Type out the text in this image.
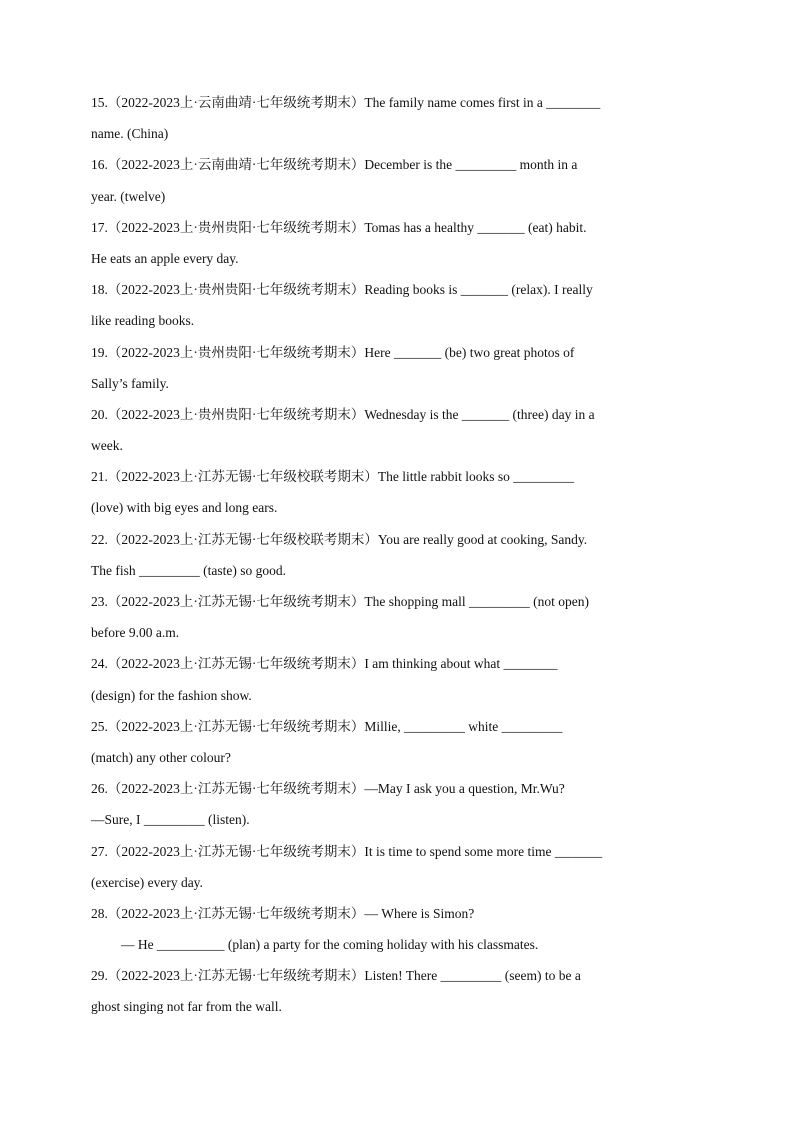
15.（2022-2023上·云南曲靖·七年级统考期末）The family name comes first in a ________
name. (China)
16.（2022-2023上·云南曲靖·七年级统考期末）December is the _________ month in a
year. (twelve)
17.（2022-2023上·贵州贵阳·七年级统考期末）Tomas has a healthy _______ (eat) habit.
He eats an apple every day.
18.（2022-2023上·贵州贵阳·七年级统考期末）Reading books is _______ (relax). I really
like reading books.
19.（2022-2023上·贵州贵阳·七年级统考期末）Here _______ (be) two great photos of
Sally’s family.
20.（2022-2023上·贵州贵阳·七年级统考期末）Wednesday is the _______ (three) day in a
week.
21.（2022-2023上·江苏无锡·七年级校联考期末）The little rabbit looks so _________
(love) with big eyes and long ears.
22.（2022-2023上·江苏无锡·七年级校联考期末）You are really good at cooking, Sandy.
The fish _________ (taste) so good.
23.（2022-2023上·江苏无锡·七年级统考期末）The shopping mall _________ (not open)
before 9.00 a.m.
24.（2022-2023上·江苏无锡·七年级统考期末）I am thinking about what ________
(design) for the fashion show.
25.（2022-2023上·江苏无锡·七年级统考期末）Millie, _________ white _________
(match) any other colour?
26.（2022-2023上·江苏无锡·七年级统考期末）—May I ask you a question, Mr.Wu?
—Sure, I _________ (listen).
27.（2022-2023上·江苏无锡·七年级统考期末）It is time to spend some more time _______
(exercise) every day.
28.（2022-2023上·江苏无锡·七年级统考期末）— Where is Simon?
— He __________ (plan) a party for the coming holiday with his classmates.
29.（2022-2023上·江苏无锡·七年级统考期末）Listen! There _________ (seem) to be a
ghost singing not far from the wall.
